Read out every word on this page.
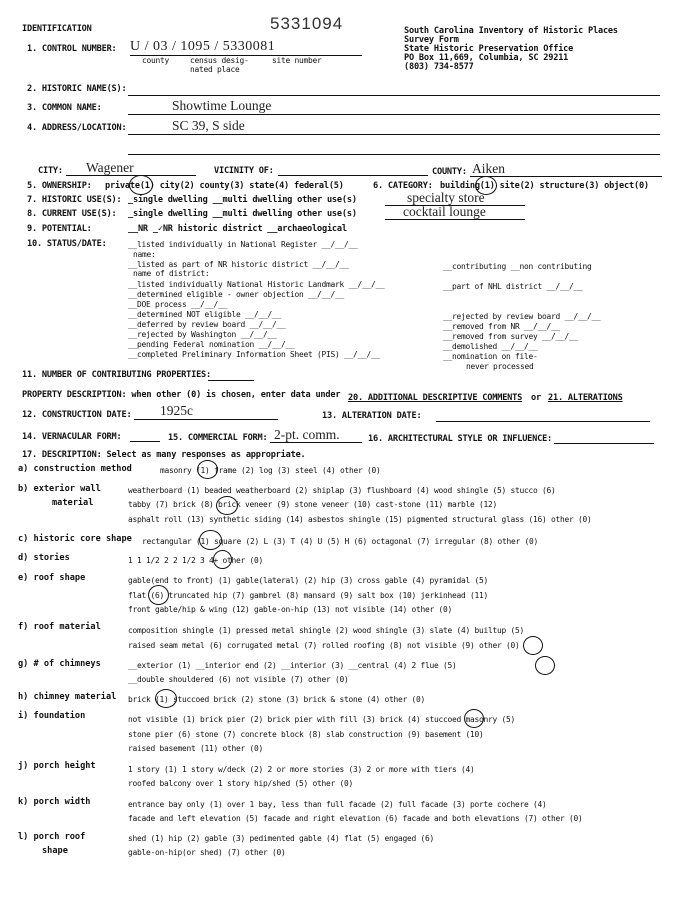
5331094	South Carolina Inventory of Historic Places
Survey Form
State Historic Preservation Office
PO Box 11,669, Columbia, SC 29211
(803) 734-8577
IDENTIFICATION
1. CONTROL NUMBER: U / 03 / 1095 / 5330081
county	census desig-
nated place
site number
2. HISTORIC NAME(S):
3. COMMON NAME:	Showtime Lounge
4. ADDRESS/LOCATION:	SC 39, S side
CITY: Wagener	VICINITY OF:	COUNTY: Aiken
5. OWNERSHIP: private(1) city(2) county(3) state(4) federal(5)	6. CATEGORY: building(1) site(2) structure(3) object(0)
7. HISTORIC USE(S): _single dwelling __multi dwelling other use(s)	specialty store
8. CURRENT USE(S): _single dwelling __multi dwelling other use(s)	cocktail lounge
9. POTENTIAL:	__NR _✓NR historic district __archaeological
10. STATUS/DATE:	__listed individually in National Register __/__/__
name:
__listed as part of NR historic district __/__/__	__contributing __non contributing
name of district:
__listed individually National Historic Landmark __/__/__	__part of NHL district __/__/__
__determined eligible - owner objection __/__/__
__DOE process __/__/__
__determined NOT eligible __/__/__	__rejected by review board __/__/__
__deferred by review board __/__/__	__removed from NR __/__/__
__rejected by Washington __/__/__	__removed from survey __/__/__
__pending Federal nomination __/__/__	__demolished __/__/__
__completed Preliminary Information Sheet (PIS) __/__/__	__nomination on file-
never processed
11. NUMBER OF CONTRIBUTING PROPERTIES:
PROPERTY DESCRIPTION: when other (0) is chosen, enter data under 20. ADDITIONAL DESCRIPTIVE COMMENTS or 21. ALTERATIONS
12. CONSTRUCTION DATE: 1925c	13. ALTERATION DATE:
14. VERNACULAR FORM:	15. COMMERCIAL FORM: 2-pt. comm.	16. ARCHITECTURAL STYLE OR INFLUENCE:
17. DESCRIPTION: Select as many responses as appropriate.
a) construction method	masonry (1) frame (2) log (3) steel (4) other (0)
b) exterior wall
material
weatherboard (1) beaded weatherboard (2) shiplap (3) flushboard (4) wood shingle (5) stucco (6)
tabby (7) brick (8) brick veneer (9) stone veneer (10) cast-stone (11) marble (12)
asphalt roll (13) synthetic siding (14) asbestos shingle (15) pigmented structural glass (16) other (0)
c) historic core shape rectangular (1) square (2) L (3) T (4) U (5) H (6) octagonal (7) irregular (8) other (0)
d) stories	1 1 1/2 2 2 1/2 3 4+ other (0)
e) roof shape	gable(end to front) (1) gable(lateral) (2) hip (3) cross gable (4) pyramidal (5)
flat (6) truncated hip (7) gambrel (8) mansard (9) salt box (10) jerkinhead (11)
front gable/hip & wing (12) gable-on-hip (13) not visible (14) other (0)
f) roof material	composition shingle (1) pressed metal shingle (2) wood shingle (3) slate (4) builtup (5)
raised seam metal (6) corrugated metal (7) rolled roofing (8) not visible (9) other (0)
g) # of chimneys	__exterior (1) __interior end (2) __interior (3) __central (4) 2 flue (5)
__double shouldered (6) not visible (7) other (0)
h) chimney material brick (1) stuccoed brick (2) stone (3) brick & stone (4) other (0)
i) foundation	not visible (1) brick pier (2) brick pier with fill (3) brick (4) stuccoed masonry (5)
stone pier (6) stone (7) concrete block (8) slab construction (9) basement (10)
raised basement (11) other (0)
j) porch height	1 story (1) 1 story w/deck (2) 2 or more stories (3) 2 or more with tiers (4)
roofed balcony over 1 story hip/shed (5) other (0)
k) porch width	entrance bay only (1) over 1 bay, less than full facade (2) full facade (3) porte cochere (4)
facade and left elevation (5) facade and right elevation (6) facade and both elevations (7) other (0)
l) porch roof
shape
shed (1) hip (2) gable (3) pedimented gable (4) flat (5) engaged (6)
gable-on-hip(or shed) (7) other (0)
